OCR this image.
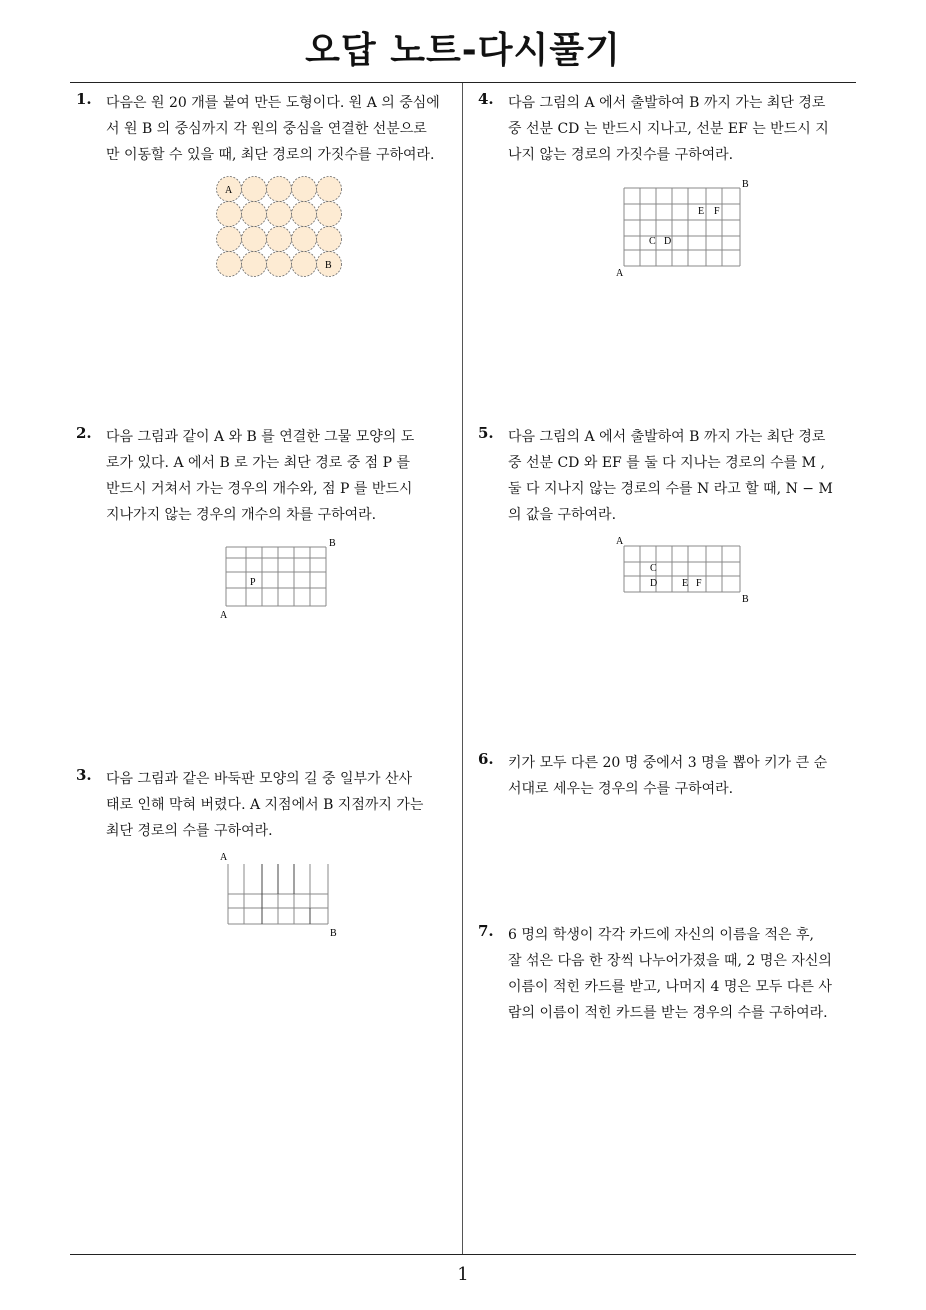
오답 노트-다시풀기
1
1. 다음은 원 20 개를 붙여 만든 도형이다. 원 A 의 중심에
서 원 B 의 중심까지 각 원의 중심을 연결한 선분으로
만 이동할 수 있을 때, 최단 경로의 가짓수를 구하여라.
A
B
2. 다음 그림과 같이 A 와 B 를 연결한 그물 모양의 도
로가 있다. A 에서 B 로 가는 최단 경로 중 점 P 를
반드시 거쳐서 가는 경우의 개수와, 점 P 를 반드시
지나가지 않는 경우의 개수의 차를 구하여라.
B
P
A
3. 다음 그림과 같은 바둑판 모양의 길 중 일부가 산사
태로 인해 막혀 버렸다. A 지점에서 B 지점까지 가는
최단 경로의 수를 구하여라.
A
B
4. 다음 그림의 A 에서 출발하여 B 까지 가는 최단 경로
중 선분 CD 는 반드시 지나고, 선분 EF 는 반드시 지
나지 않는 경로의 가짓수를 구하여라.
B
E F
C D
A
5. 다음 그림의 A 에서 출발하여 B 까지 가는 최단 경로
중 선분 CD 와 EF 를 둘 다 지나는 경로의 수를 M ,
둘 다 지나지 않는 경로의 수를 N 라고 할 때, N − M
의 값을 구하여라.
A
C
D E F
B
6. 키가 모두 다른 20 명 중에서 3 명을 뽑아 키가 큰 순
서대로 세우는 경우의 수를 구하여라.
7. 6 명의 학생이 각각 카드에 자신의 이름을 적은 후,
잘 섞은 다음 한 장씩 나누어가졌을 때, 2 명은 자신의
이름이 적힌 카드를 받고, 나머지 4 명은 모두 다른 사
람의 이름이 적힌 카드를 받는 경우의 수를 구하여라.
